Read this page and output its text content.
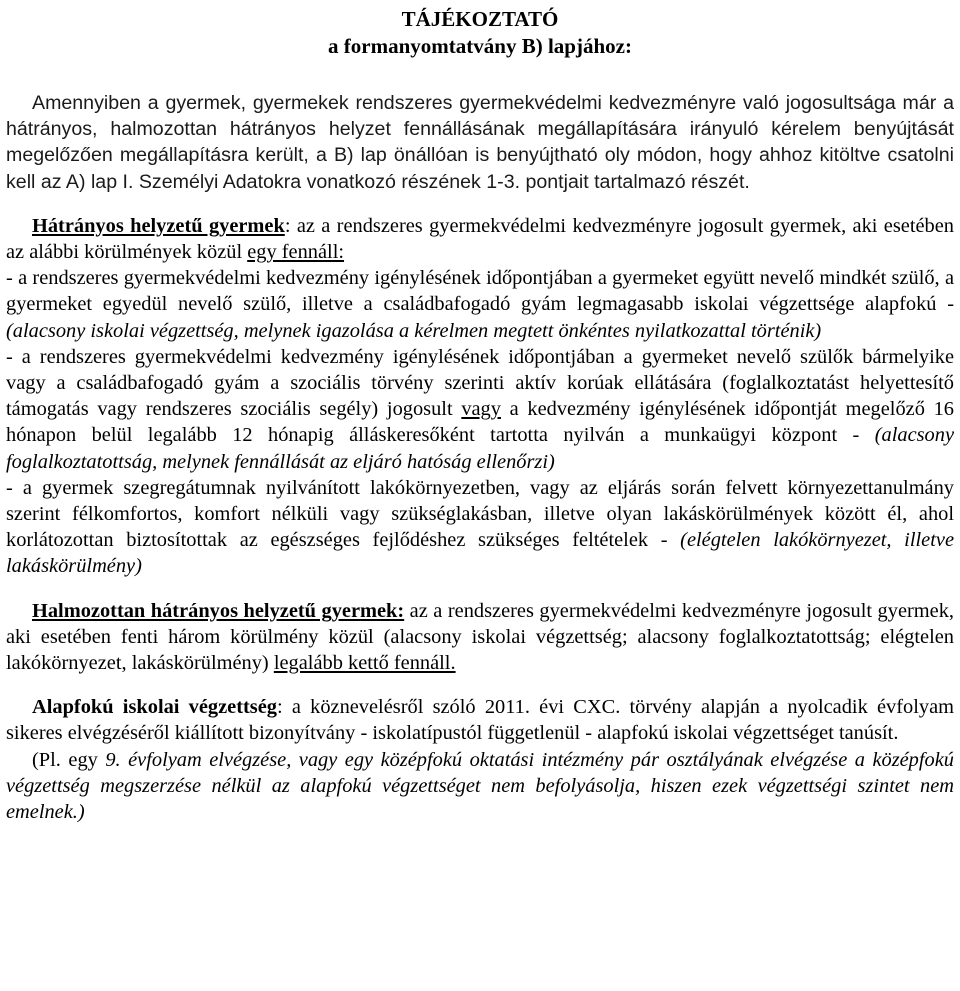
TÁJÉKOZTATÓ

a formanyomtatvány B) lapjához:

Amennyiben a gyermek, gyermekek rendszeres gyermekvédelmi kedvezményre való jogosultsága már a hátrányos, halmozottan hátrányos helyzet fennállásának megállapítására irányuló kérelem benyújtását megelőzően megállapításra került, a B) lap önállóan is benyújtható oly módon, hogy ahhoz kitöltve csatolni kell az A) lap I. Személyi Adatokra vonatkozó részének 1-3. pontjait tartalmazó részét.

Hátrányos helyzetű gyermek: az a rendszeres gyermekvédelmi kedvezményre jogosult gyermek, aki esetében az alábbi körülmények közül egy fennáll:

- a rendszeres gyermekvédelmi kedvezmény igénylésének időpontjában a gyermeket együtt nevelő mindkét szülő, a gyermeket egyedül nevelő szülő, illetve a családbafogadó gyám legmagasabb iskolai végzettsége alapfokú - (alacsony iskolai végzettség, melynek igazolása a kérelmen megtett önkéntes nyilatkozattal történik)

- a rendszeres gyermekvédelmi kedvezmény igénylésének időpontjában a gyermeket nevelő szülők bármelyike vagy a családbafogadó gyám a szociális törvény szerinti aktív korúak ellátására (foglalkoztatást helyettesítő támogatás vagy rendszeres szociális segély) jogosult vagy a kedvezmény igénylésének időpontját megelőző 16 hónapon belül legalább 12 hónapig álláskeresőként tartotta nyilván a munkaügyi központ - (alacsony foglalkoztatottság, melynek fennállását az eljáró hatóság ellenőrzi)

- a gyermek szegregátumnak nyilvánított lakókörnyezetben, vagy az eljárás során felvett környezettanulmány szerint félkomfortos, komfort nélküli vagy szükséglakásban, illetve olyan lakáskörülmények között él, ahol korlátozottan biztosítottak az egészséges fejlődéshez szükséges feltételek - (elégtelen lakókörnyezet, illetve lakáskörülmény)

Halmozottan hátrányos helyzetű gyermek: az a rendszeres gyermekvédelmi kedvezményre jogosult gyermek, aki esetében fenti három körülmény közül (alacsony iskolai végzettség; alacsony foglalkoztatottság; elégtelen lakókörnyezet, lakáskörülmény) legalább kettő fennáll.

Alapfokú iskolai végzettség: a köznevelésről szóló 2011. évi CXC. törvény alapján a nyolcadik évfolyam sikeres elvégzéséről kiállított bizonyítvány - iskolatípustól függetlenül - alapfokú iskolai végzettséget tanúsít.

(Pl. egy 9. évfolyam elvégzése, vagy egy középfokú oktatási intézmény pár osztályának elvégzése a középfokú végzettség megszerzése nélkül az alapfokú végzettséget nem befolyásolja, hiszen ezek végzettségi szintet nem emelnek.)
